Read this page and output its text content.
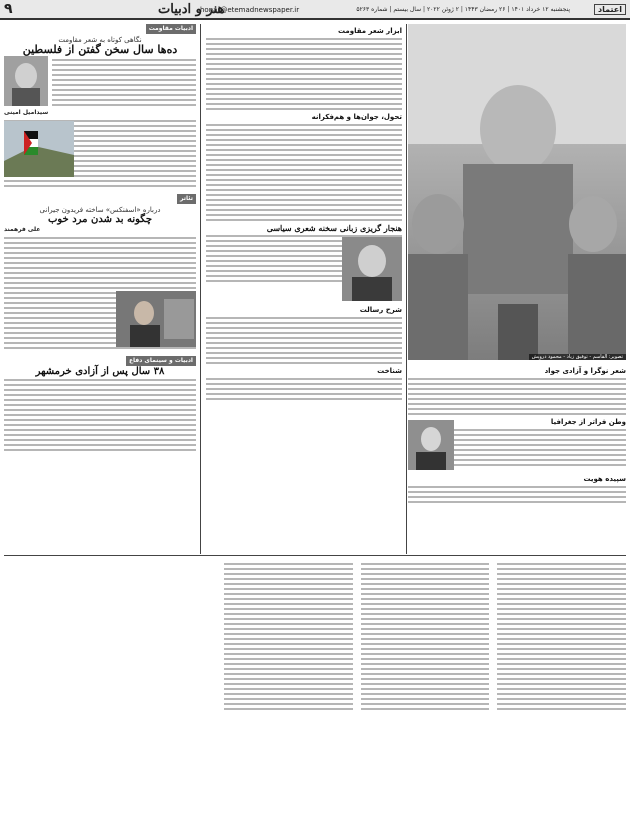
اعتماد
پنجشنبه ۱۲ خرداد ۱۴۰۱ | ۲۶ رمضان ۱۴۴۳ | ۲ ژوئن ۲۰۲۲ | سال بیستم | شماره ۵۲۶۳
honar@etemadnewspaper.ir
هنر و ادبیات
۹
تصویر: القاسم - توفیق زیاد - محمود درویش
ادبیات مقاومت
نگاهی کوتاه به شعر مقاومت
ده‌ها سال سخن گفتن از فلسطین
سیدامیل امینی
تئاتر
درباره «اسفنکس» ساخته فریدون جیرانی
چگونه بد شدن مرد خوب
علی فرهمند
ادبیات و سینمای دفاع
۳۸ سال پس از آزادی خرمشهر
ابزار شعر مقاومت
تحول، جوان‌ها و هم‌فکرانه
هنجار گریزی زبانی سخنه شعری سیاسی
شرح رسالت
شناخت	شعر نوگرا و آزادی جواد
وطن فراتر از جغرافیا
سپیده هویت
